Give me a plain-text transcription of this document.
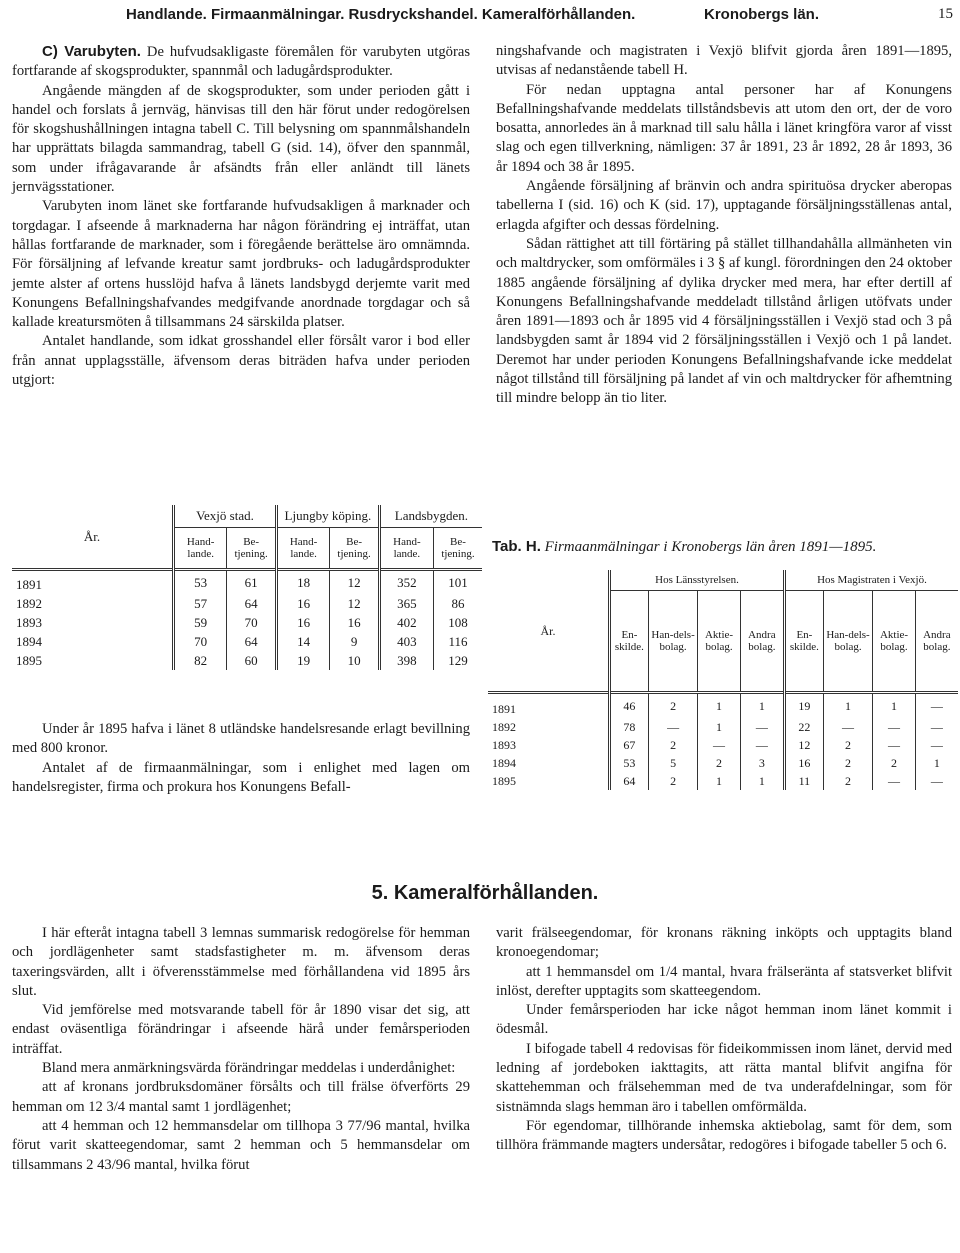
Handlande. Firmaanmälningar. Rusdryckshandel. Kameralförhållanden.	Kronobergs län.	15

C) Varubyten. De hufvudsakligaste föremålen för varubyten utgöras fortfarande af skogsprodukter, spannmål och ladugårdsprodukter.

Angående mängden af de skogsprodukter, som under perioden gått i handel och forslats å jernväg, hänvisas till den här förut under redogörelsen för skogshushållningen intagna tabell C. Till belysning om spannmålshandeln har upprättats bilagda sammandrag, tabell G (sid. 14), öfver den spannmål, som under ifrågavarande år afsändts från eller anländt till länets jernvägsstationer.

Varubyten inom länet ske fortfarande hufvudsakligen å marknader och torgdagar. I afseende å marknaderna har någon förändring ej inträffat, utan hållas fortfarande de marknader, som i föregående berättelse äro omnämnda. För försäljning af lefvande kreatur samt jordbruks- och ladugårdsprodukter jemte alster af ortens husslöjd hafva å länets landsbygd derjemte varit med Konungens Befallningshafvandes medgifvande anordnade torgdagar och så kallade kreatursmöten å tillsammans 24 särskilda platser.

Antalet handlande, som idkat grosshandel eller försålt varor i bod eller från annat upplagsställe, äfvensom deras biträden hafva under perioden utgjort:

År.	Vexjö stad.		Ljungby köping.		Landsbygden.	
	Hand-lande.	Be-tjening.	Hand-lande.	Be-tjening.	Hand-lande.	Be-tjening.
1891	53	61	18	12	352	101
1892	57	64	16	12	365	86
1893	59	70	16	16	402	108
1894	70	64	14	9	403	116
1895	82	60	19	10	398	129

Under år 1895 hafva i länet 8 utländske handelsresande erlagt bevillning med 800 kronor.

Antalet af de firmaanmälningar, som i enlighet med lagen om handelsregister, firma och prokura hos Konungens Befall-

ningshafvande och magistraten i Vexjö blifvit gjorda åren 1891—1895, utvisas af nedanstående tabell H.

För nedan upptagna antal personer har af Konungens Befallningshafvande meddelats tillståndsbevis att utom den ort, der de voro bosatta, annorledes än å marknad till salu hålla i länet kringföra varor af visst slag och egen tillverkning, nämligen: 37 år 1891, 23 år 1892, 28 år 1893, 36 år 1894 och 38 år 1895.

Angående försäljning af bränvin och andra spirituösa drycker aberopas tabellerna I (sid. 16) och K (sid. 17), upptagande försäljningsställenas antal, erlagda afgifter och dessas fördelning.

Sådan rättighet att till förtäring på stället tillhandahålla allmänheten vin och maltdrycker, som omförmäles i 3 § af kungl. förordningen den 24 oktober 1885 angående försäljning af dylika drycker med mera, har efter dertill af Konungens Befallningshafvande meddeladt tillstånd årligen utöfvats under åren 1891—1893 och år 1895 vid 4 försäljningsställen i Vexjö stad och 3 på landsbygden samt år 1894 vid 2 försäljningsställen i Vexjö och 1 på landet. Deremot har under perioden Konungens Befallningshafvande icke meddelat något tillstånd till försäljning på landet af vin och maltdrycker för afhemtning till mindre belopp än tio liter.

Tab. H. Firmaanmälningar i Kronobergs län åren 1891—1895.
År.	Hos Länsstyrelsen.				Hos Magistraten i Vexjö.			
	En-skilde.	Han-dels-bolag.	Aktie-bolag.	Andra bolag.	En-skilde.	Han-dels-bolag.	Aktie-bolag.	Andra bolag.
1891	46	2	1	1	19	1	1	—
1892	78	—	1	—	22	—	—	—
1893	67	2	—	—	12	2	—	—
1894	53	5	2	3	16	2	2	1
1895	64	2	1	1	11	2	—	—
5. Kameralförhållanden.

I här efteråt intagna tabell 3 lemnas summarisk redogörelse för hemman och jordlägenheter samt stadsfastigheter m. m. äfvensom deras taxeringsvärden, allt i öfverensstämmelse med förhållandena vid 1895 års slut.

Vid jemförelse med motsvarande tabell för år 1890 visar det sig, att endast oväsentliga förändringar i afseende härå under femårsperioden inträffat.

Bland mera anmärkningsvärda förändringar meddelas i underdånighet:

att af kronans jordbruksdomäner försålts och till frälse öfverförts 29 hemman om 12 3/4 mantal samt 1 jordlägenhet;

att 4 hemman och 12 hemmansdelar om tillhopa 3 77/96 mantal, hvilka förut varit skatteegendomar, samt 2 hemman och 5 hemmansdelar om tillsammans 2 43/96 mantal, hvilka förut

varit frälseegendomar, för kronans räkning inköpts och upptagits bland kronoegendomar;

att 1 hemmansdel om 1/4 mantal, hvara frälseränta af statsverket blifvit inlöst, derefter upptagits som skatteegendom.

Under femårsperioden har icke något hemman inom länet kommit i ödesmål.

I bifogade tabell 4 redovisas för fideikommissen inom länet, dervid med ledning af jordeboken iakttagits, att rätta mantal blifvit angifna för skattehemman och frälsehemman med de tva underafdelningar, som för sistnämnda slags hemman äro i tabellen omförmälda.

För egendomar, tillhörande inhemska aktiebolag, samt för dem, som tillhöra främmande magters undersåtar, redogöres i bifogade tabeller 5 och 6.
